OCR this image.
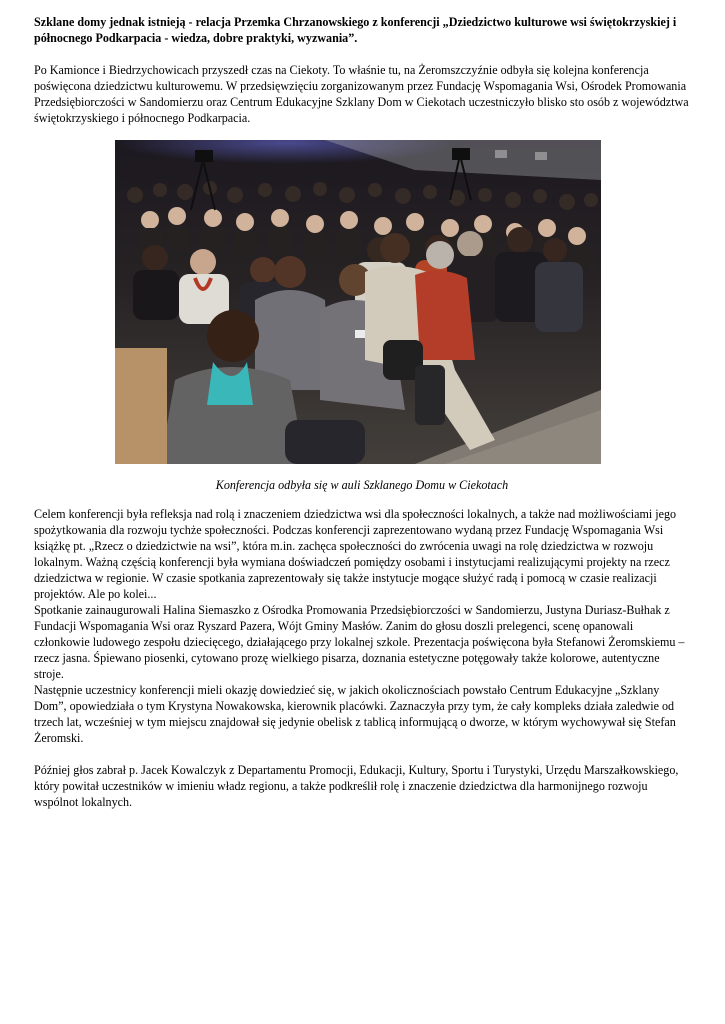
Szklane domy jednak istnieją - relacja Przemka Chrzanowskiego z konferencji „Dziedzictwo kulturowe wsi świętokrzyskiej i północnego Podkarpacia - wiedza, dobre praktyki, wyzwania”.

Po Kamionce i Biedrzychowicach przyszedł czas na Ciekoty. To właśnie tu, na Żeromszczyźnie odbyła się kolejna konferencja poświęcona dziedzictwu kulturowemu. W przedsięwzięciu zorganizowanym przez Fundację Wspomagania Wsi, Ośrodek Promowania Przedsiębiorczości w Sandomierzu oraz Centrum Edukacyjne Szklany Dom w Ciekotach uczestniczyło blisko sto osób z województwa świętokrzyskiego i północnego Podkarpacia.

Konferencja odbyła się w auli Szklanego Domu w Ciekotach

Celem konferencji była refleksja nad rolą i znaczeniem dziedzictwa wsi dla społeczności lokalnych, a także nad możliwościami jego spożytkowania dla rozwoju tychże społeczności. Podczas konferencji zaprezentowano wydaną przez Fundację Wspomagania Wsi książkę pt. „Rzecz o dziedzictwie na wsi”, która m.in. zachęca społeczności do zwrócenia uwagi na rolę dziedzictwa w rozwoju lokalnym. Ważną częścią konferencji była wymiana doświadczeń pomiędzy osobami i instytucjami realizującymi projekty na rzecz dziedzictwa w regionie. W czasie spotkania zaprezentowały się także instytucje mogące służyć radą i pomocą w czasie realizacji projektów. Ale po kolei...

Spotkanie zainaugurowali Halina Siemaszko z Ośrodka Promowania Przedsiębiorczości w Sandomierzu, Justyna Duriasz-Bułhak z Fundacji Wspomagania Wsi oraz Ryszard Pazera, Wójt Gminy Masłów. Zanim do głosu doszli prelegenci, scenę opanowali członkowie ludowego zespołu dziecięcego, działającego przy lokalnej szkole. Prezentacja poświęcona była Stefanowi Żeromskiemu – rzecz jasna. Śpiewano piosenki, cytowano prozę wielkiego pisarza, doznania estetyczne potęgowały także kolorowe, autentyczne stroje.

Następnie uczestnicy konferencji mieli okazję dowiedzieć się, w jakich okolicznościach powstało Centrum Edukacyjne „Szklany Dom”, opowiedziała o tym Krystyna Nowakowska, kierownik placówki. Zaznaczyła przy tym, że cały kompleks działa zaledwie od trzech lat, wcześniej w tym miejscu znajdował się jedynie obelisk z tablicą informującą o dworze, w którym wychowywał się Stefan Żeromski.

Później głos zabrał p. Jacek Kowalczyk z Departamentu Promocji, Edukacji, Kultury, Sportu i Turystyki, Urzędu Marszałkowskiego, który powitał uczestników w imieniu władz regionu, a także podkreślił rolę i znaczenie dziedzictwa dla harmonijnego rozwoju wspólnot lokalnych.
